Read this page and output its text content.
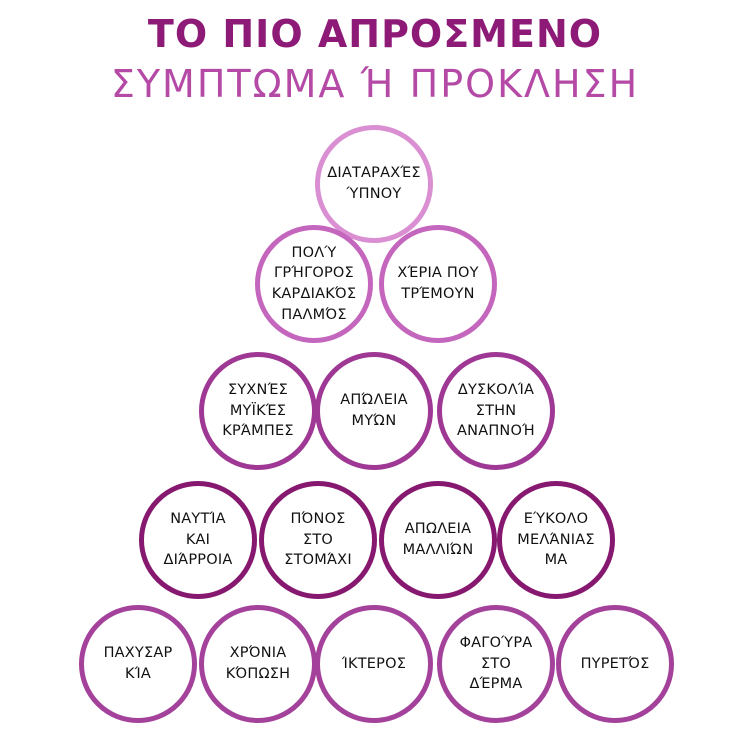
ΤΟ ΠΙΟ ΑΠΡΟΣΜΕΝΟ
ΣΥΜΠΤΩΜΑ Ή ΠΡΟΚΛΗΣΗ
ΔΙΑΤΑΡΑΧΈΣ
ΎΠΝΟΥ
ΠΟΛΎ
ΓΡΉΓΟΡΟΣ
ΚΑΡΔΙΑΚΌΣ
ΠΑΛΜΌΣ
ΧΈΡΙΑ ΠΟΥ
ΤΡΈΜΟΥΝ
ΣΥΧΝΈΣ
ΜΥΪΚΈΣ
ΚΡΆΜΠΕΣ
ΑΠΏΛΕΙΑ
ΜΥΏΝ
ΔΥΣΚΟΛΊΑ
ΣΤΗΝ
ΑΝΑΠΝΟΉ
ΝΑΥΤΊΑ
ΚΑΙ
ΔΙΆΡΡΟΙΑ
ΠΌΝΟΣ
ΣΤΟ
ΣΤΟΜΆΧΙ
ΑΠΩΛΕΙΑ
ΜΑΛΛΙΏΝ
ΕΎΚΟΛΟ
ΜΕΛΆΝΙΑΣ
ΜΑ
ΠΑΧΥΣΑΡ
ΚΊΑ
ΧΡΌΝΙΑ
ΚΌΠΩΣΗ
ΊΚΤΕΡΟΣ
ΦΑΓΟΎΡΑ
ΣΤΟ
ΔΈΡΜΑ
ΠΥΡΕΤΌΣ
